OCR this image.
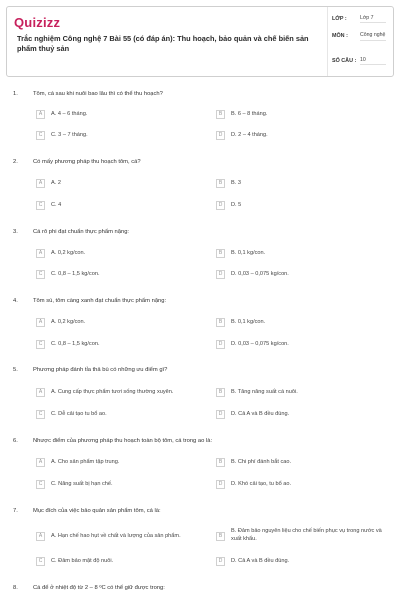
Quizizz
Trắc nghiệm Công nghệ 7 Bài 55 (có đáp án): Thu hoạch, bảo quản và chế biến sản phẩm thuỷ sản
LỚP :	Lớp 7
MÔN : Công nghệ
SỐ CÂU : 10
1.	Tôm, cá sau khi nuôi bao lâu thì có thể thu hoạch?
A	A. 4 – 6 tháng.	B	B. 6 – 8 tháng.
C	C. 3 – 7 tháng.	D	D. 2 – 4 tháng.
2.	Có mấy phương pháp thu hoạch tôm, cá?
A	A. 2	B	B. 3
C	C. 4	D	D. 5
3.	Cá rô phi đạt chuẩn thực phẩm nặng:
A	A. 0,2 kg/con.	B	B. 0,1 kg/con.
C	C. 0,8 – 1,5 kg/con.	D	D. 0,03 – 0,075 kg/con.
4.	Tôm sú, tôm càng xanh đạt chuẩn thực phẩm nặng:
A	A. 0,2 kg/con.	B	B. 0,1 kg/con.
C	C. 0,8 – 1,5 kg/con.	D	D. 0,03 – 0,075 kg/con.
5.	Phương pháp đánh tỉa thả bù có những ưu điểm gì?
A	A. Cung cấp thực phẩm tươi sống thường xuyên.	B	B. Tăng năng suất cá nuôi.
C	C. Dễ cải tạo tu bổ ao.	D	D. Cả A và B đều đúng.
6.	Nhược điểm của phương pháp thu hoạch toàn bộ tôm, cá trong ao là:
A	A. Cho sản phẩm tập trung.	B	B. Chi phí đánh bắt cao.
C	C. Năng suất bị hạn chế.	D	D. Khó cải tạo, tu bổ ao.
7.	Mục đích của việc bảo quản sản phẩm tôm, cá là:
A	A. Hạn chế hao hụt về chất và lượng của sản phẩm.	B
B. Đảm bảo nguyên liệu cho chế biến phục vụ trong nước và xuất khẩu.
C	C. Đảm bảo mật độ nuôi.	D	D. Cả A và B đều đúng.
8.	Cá để ở nhiệt độ từ 2 – 8 ºC có thể giữ được trong:
